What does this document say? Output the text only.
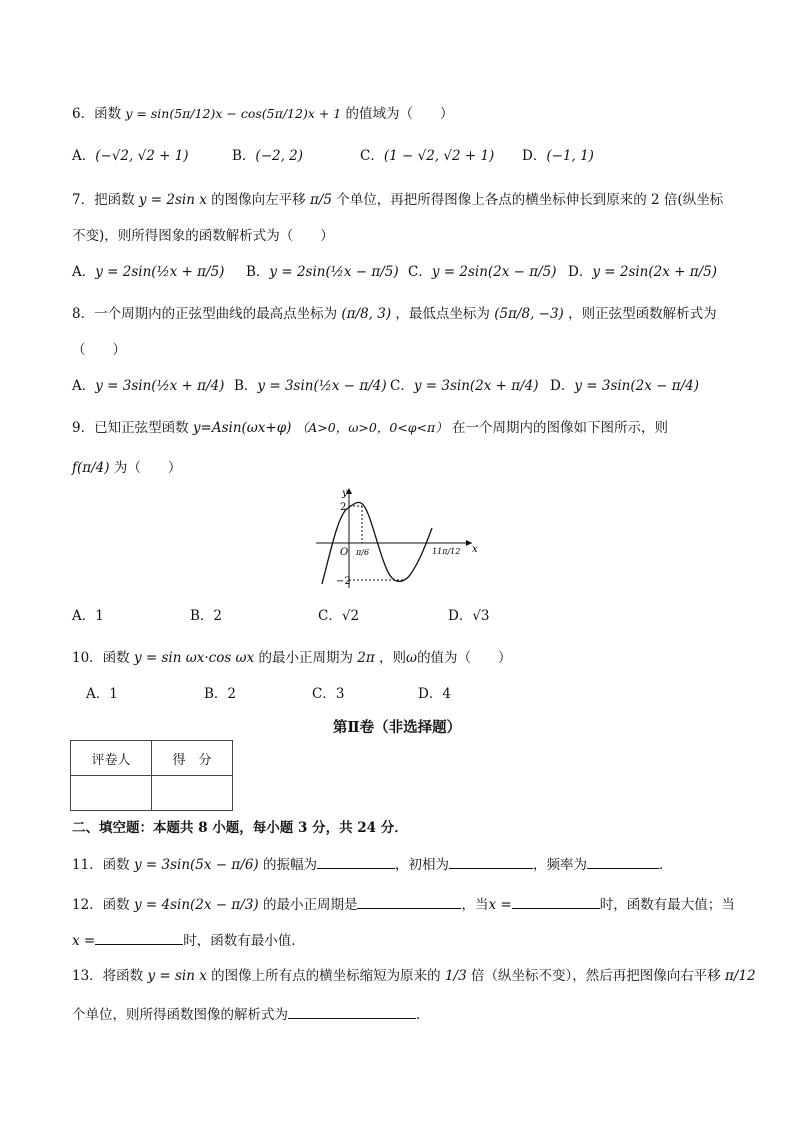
6．函数 y = sin(5π/12)x − cos(5π/12)x + 1 的值域为（　　）
A．(−√2, √2 + 1)	B．(−2, 2)	C．(1 − √2, √2 + 1) D．(−1, 1)
7．把函数 y = 2sin x 的图像向左平移 π/5 个单位，再把所得图像上各点的横坐标伸长到原来的 2 倍(纵坐标
不变)，则所得图象的函数解析式为（　　）
A．y = 2sin(½x + π/5) B．y = 2sin(½x − π/5) C．y = 2sin(2x − π/5) D．y = 2sin(2x + π/5)
8．一个周期内的正弦型曲线的最高点坐标为 (π/8, 3) ，最低点坐标为 (5π/8, −3) ，则正弦型函数解析式为
（　　）
A．y = 3sin(½x + π/4) B．y = 3sin(½x − π/4) C．y = 3sin(2x + π/4) D．y = 3sin(2x − π/4)
9．已知正弦型函数 y=Asin(ωx+φ) （A>0，ω>0，0<φ<π） 在一个周期内的图像如下图所示，则
f(π/4) 为（　　）
y
x
O
2
−2
π/6	11π/12
A．1	B．2	C．√2	D．√3
10．函数 y = sin ωx·cos ωx 的最小正周期为 2π ，则ω的值为（　　）
A．1	B．2	C．3	D．4
第Ⅱ卷（非选择题）
评卷人	得　分

二、填空题：本题共 8 小题，每小题 3 分，共 24 分．
11．函数 y = 3sin(5x − π/6) 的振幅为	，初相为	，频率为	．
12．函数 y = 4sin(2x − π/3) 的最小正周期是	，当x =	时，函数有最大值；当
x =	时，函数有最小值．
13．将函数 y = sin x 的图像上所有点的横坐标缩短为原来的 1/3 倍（纵坐标不变），然后再把图像向右平移 π/12
个单位，则所得函数图像的解析式为	．
